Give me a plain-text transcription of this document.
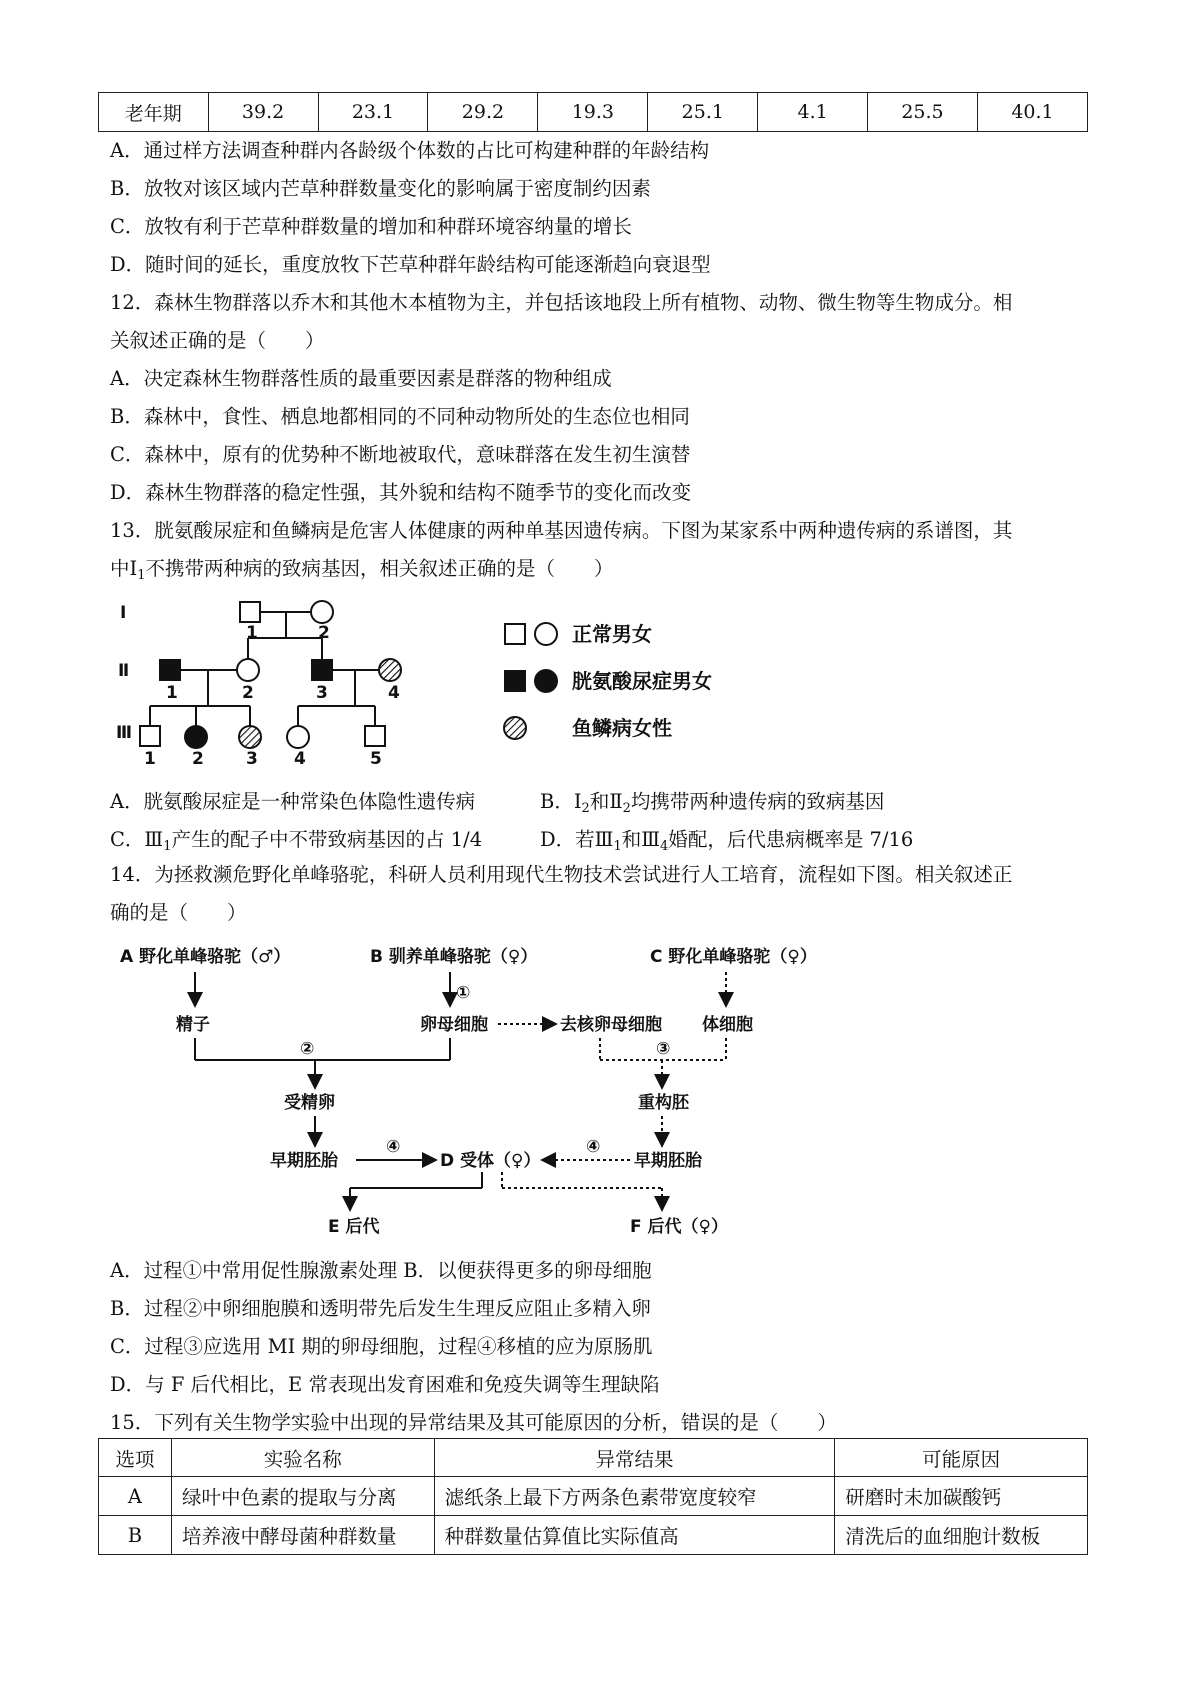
老年期	39.2	23.1	29.2	19.3	25.1	4.1	25.5	40.1
A．通过样方法调查种群内各龄级个体数的占比可构建种群的年龄结构
B．放牧对该区域内芒草种群数量变化的影响属于密度制约因素
C．放牧有利于芒草种群数量的增加和种群环境容纳量的增长
D．随时间的延长，重度放牧下芒草种群年龄结构可能逐渐趋向衰退型
12．森林生物群落以乔木和其他木本植物为主，并包括该地段上所有植物、动物、微生物等生物成分。相
关叙述正确的是（　　）
A．决定森林生物群落性质的最重要因素是群落的物种组成
B．森林中，食性、栖息地都相同的不同种动物所处的生态位也相同
C．森林中，原有的优势种不断地被取代，意味群落在发生初生演替
D．森林生物群落的稳定性强，其外貌和结构不随季节的变化而改变
13．胱氨酸尿症和鱼鳞病是危害人体健康的两种单基因遗传病。下图为某家系中两种遗传病的系谱图，其
中$Ⅰ_1$不携带两种病的致病基因，相关叙述正确的是（　　）
Ⅰ
Ⅱ
Ⅲ
1	2
1	2	3	4
1 2 3 4	5
正常男女
胱氨酸尿症男女
鱼鳞病女性
A．胱氨酸尿症是一种常染色体隐性遗传病	B．$Ⅰ_2$和$Ⅱ_2$均携带两种遗传病的致病基因
C．$Ⅲ_1$产生的配子中不带致病基因的占 1/4	D．若$Ⅲ_1$和$Ⅲ_4$婚配，后代患病概率是 7/16
14．为拯救濒危野化单峰骆驼，科研人员利用现代生物技术尝试进行人工培育，流程如下图。相关叙述正
确的是（　　）
A 野化单峰骆驼（♂）	B 驯养单峰骆驼（♀）	C 野化单峰骆驼（♀）
①
精子	卵母细胞	去核卵母细胞 体细胞
②	③
受精卵	重构胚
早期胚胎
④
D 受体（♀）
④
早期胚胎
E 后代	F 后代（♀）
A．过程①中常用促性腺激素处理 B．以便获得更多的卵母细胞
B．过程②中卵细胞膜和透明带先后发生生理反应阻止多精入卵
C．过程③应选用 MI 期的卵母细胞，过程④移植的应为原肠肌
D．与 F 后代相比，E 常表现出发育困难和免疫失调等生理缺陷
15．下列有关生物学实验中出现的异常结果及其可能原因的分析，错误的是（　　）
选项	实验名称	异常结果	可能原因
A	绿叶中色素的提取与分离	滤纸条上最下方两条色素带宽度较窄	研磨时未加碳酸钙
B	培养液中酵母菌种群数量	种群数量估算值比实际值高	清洗后的血细胞计数板
